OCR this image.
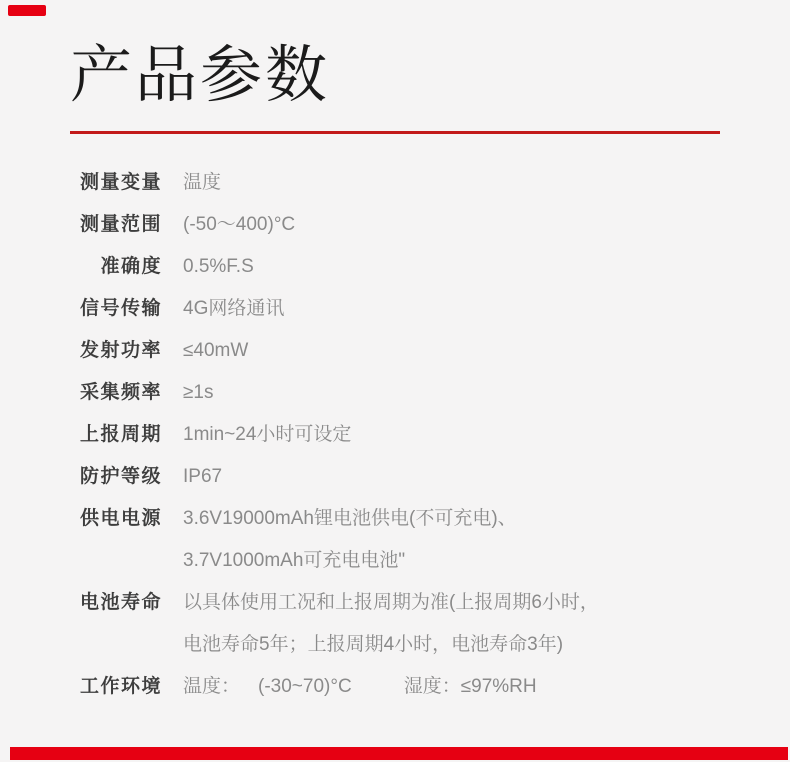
产品参数
测量变量 温度
测量范围 (-50～400)°C
准确度 0.5%F.S
信号传输 4G网络通讯
发射功率 ≤40mW
采集频率 ≥1s
上报周期 1min~24小时可设定
防护等级 IP67
供电电源 3.6V19000mAh锂电池供电(不可充电)、
3.7V1000mAh可充电电池"
电池寿命 以具体使用工况和上报周期为准(上报周期6小时，
电池寿命5年；上报周期4小时，电池寿命3年)
工作环境 温度： (-30~70)°C	湿度： ≤97%RH
